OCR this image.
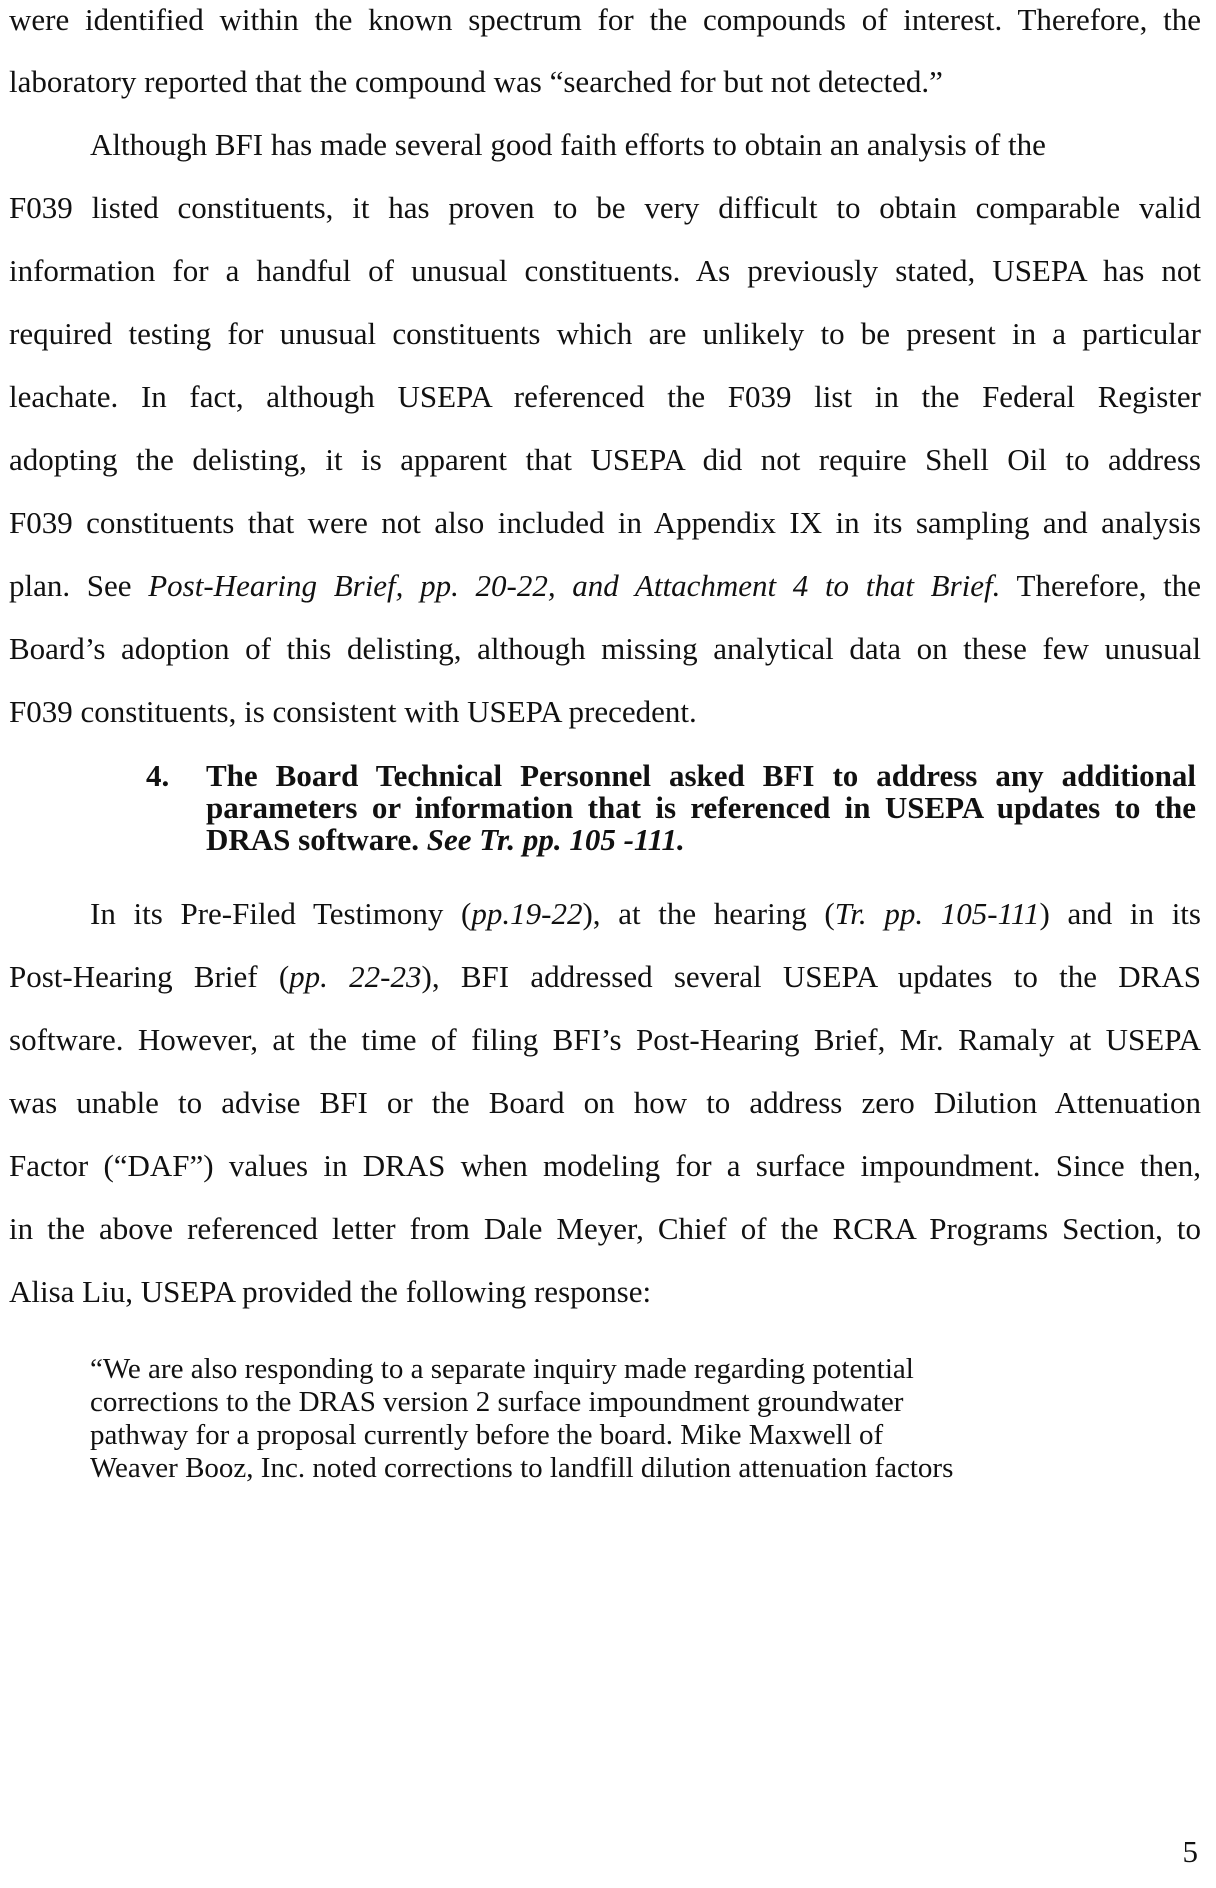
were identified within the known spectrum for the compounds of interest. Therefore, the
laboratory reported that the compound was “searched for but not detected.”
Although BFI has made several good faith efforts to obtain an analysis of the
F039 listed constituents, it has proven to be very difficult to obtain comparable valid
information for a handful of unusual constituents. As previously stated, USEPA has not
required testing for unusual constituents which are unlikely to be present in a particular
leachate. In fact, although USEPA referenced the F039 list in the Federal Register
adopting the delisting, it is apparent that USEPA did not require Shell Oil to address
F039 constituents that were not also included in Appendix IX in its sampling and analysis
plan. See Post-Hearing Brief, pp. 20-22, and Attachment 4 to that Brief. Therefore, the
Board’s adoption of this delisting, although missing analytical data on these few unusual
F039 constituents, is consistent with USEPA precedent.
4. The Board Technical Personnel asked BFI to address any additional
parameters or information that is referenced in USEPA updates to the
DRAS software. See Tr. pp. 105 -111.
In its Pre-Filed Testimony (pp.19-22), at the hearing (Tr. pp. 105-111) and in its
Post-Hearing Brief (pp. 22-23), BFI addressed several USEPA updates to the DRAS
software. However, at the time of filing BFI’s Post-Hearing Brief, Mr. Ramaly at USEPA
was unable to advise BFI or the Board on how to address zero Dilution Attenuation
Factor (“DAF”) values in DRAS when modeling for a surface impoundment. Since then,
in the above referenced letter from Dale Meyer, Chief of the RCRA Programs Section, to
Alisa Liu, USEPA provided the following response:
“We are also responding to a separate inquiry made regarding potential
corrections to the DRAS version 2 surface impoundment groundwater
pathway for a proposal currently before the board. Mike Maxwell of
Weaver Booz, Inc. noted corrections to landfill dilution attenuation factors
5
